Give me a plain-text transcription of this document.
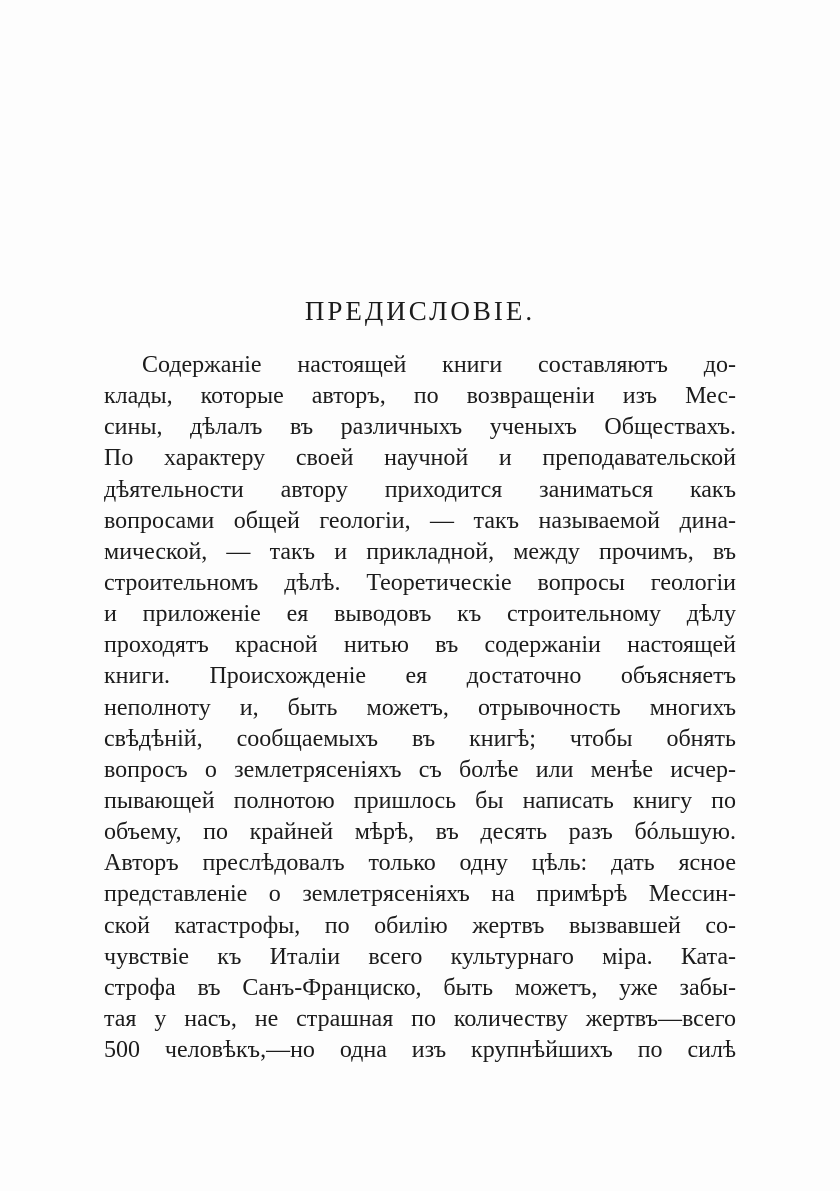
ПРЕДИСЛОВІЕ.
Содержаніе настоящей книги составляютъ до-
клады, которые авторъ, по возвращеніи изъ Мес-
сины, дѣлалъ въ различныхъ ученыхъ Обществахъ.
По характеру своей научной и преподавательской
дѣятельности автору приходится заниматься какъ
вопросами общей геологіи, — такъ называемой дина-
мической, — такъ и прикладной, между прочимъ, въ
строительномъ дѣлѣ. Теоретическіе вопросы геологіи
и приложеніе ея выводовъ къ строительному дѣлу
проходятъ красной нитью въ содержаніи настоящей
книги. Происхожденіе ея достаточно объясняетъ
неполноту и, быть можетъ, отрывочность многихъ
свѣдѣній, сообщаемыхъ въ книгѣ; чтобы обнять
вопросъ о землетрясеніяхъ съ болѣе или менѣе исчер-
пывающей полнотою пришлось бы написать книгу по
объему, по крайней мѣрѣ, въ десять разъ бóльшую.
Авторъ преслѣдовалъ только одну цѣль: дать ясное
представленіе о землетрясеніяхъ на примѣрѣ Мессин-
ской катастрофы, по обилію жертвъ вызвавшей со-
чувствіе къ Италіи всего культурнаго міра. Ката-
строфа въ Санъ-Франциско, быть можетъ, уже забы-
тая у насъ, не страшная по количеству жертвъ—всего
500 человѣкъ,—но одна изъ крупнѣйшихъ по силѣ
